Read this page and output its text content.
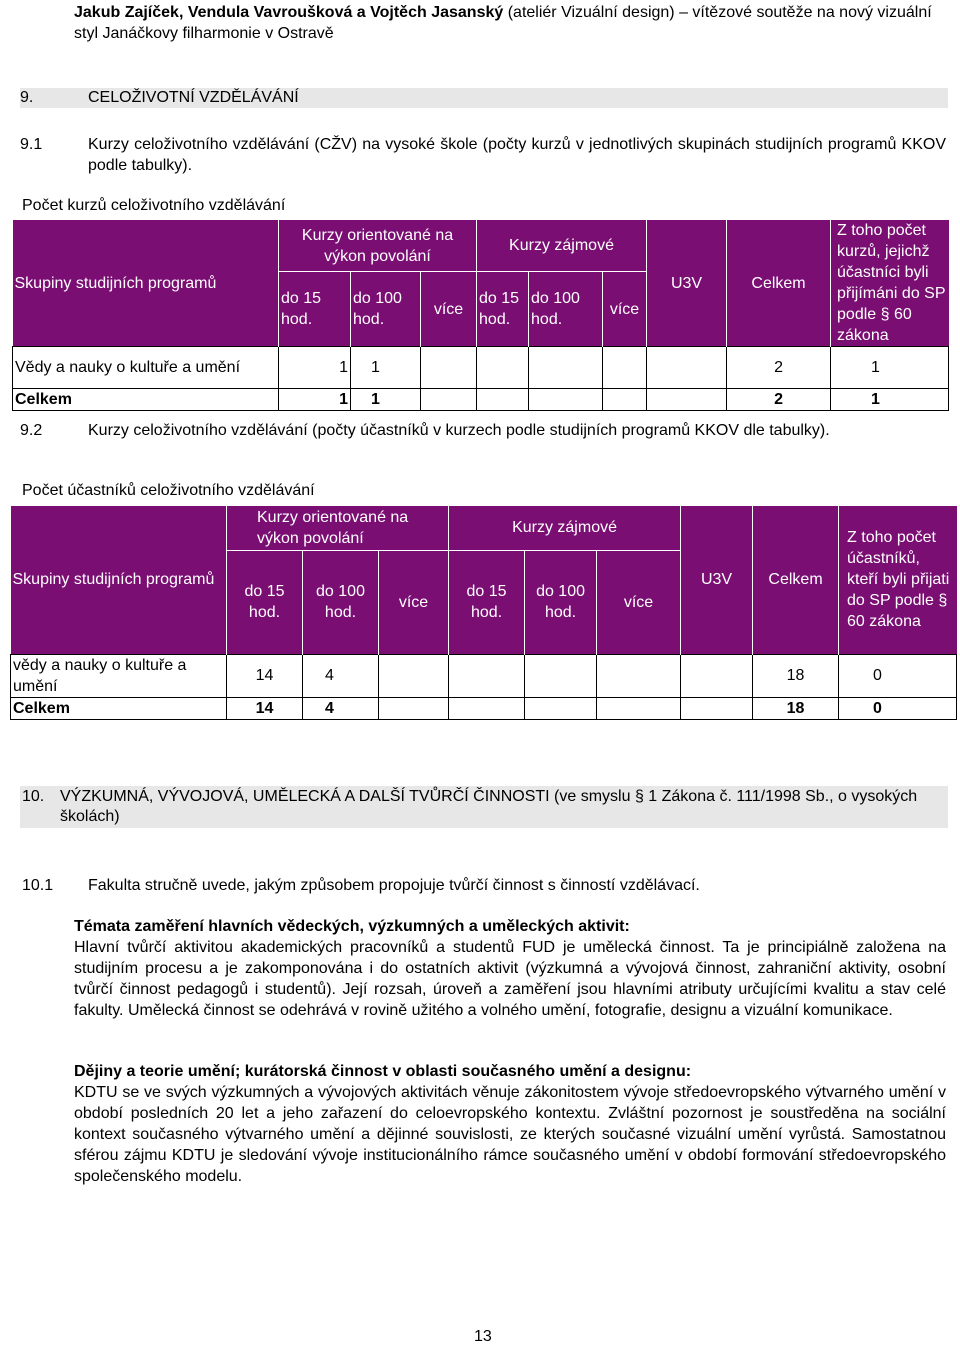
Jakub Zajíček, Vendula Vavroušková a Vojtěch Jasanský (ateliér Vizuální design) – vítězové soutěže na nový vizuální styl Janáčkovy filharmonie v Ostravě
9.	CELOŽIVOTNÍ VZDĚLÁVÁNÍ
9.1	Kurzy celoživotního vzdělávání (CŽV) na vysoké škole (počty kurzů v jednotlivých skupinách studijních programů KKOV podle tabulky).
Počet kurzů celoživotního vzdělávání
Skupiny studijních programů	Kurzy orientované na výkon povolání			Kurzy zájmové			U3V	Celkem	Z toho počet kurzů, jejichž účastníci byli přijímáni do SP podle § 60 zákona
	do 15 hod.	do 100 hod.	více	do 15 hod.	do 100 hod.	více			
Vědy a nauky o kultuře a umění	1	1						2	1
Celkem	1	1						2	1
9.2	Kurzy celoživotního vzdělávání (počty účastníků v kurzech podle studijních programů KKOV dle tabulky).
Počet účastníků celoživotního vzdělávání
Skupiny studijních programů	Kurzy orientované na výkon povolání			Kurzy zájmové			U3V	Celkem	Z toho počet účastníků, kteří byli přijati do SP podle § 60 zákona
	do 15 hod.	do 100 hod.	více	do 15 hod.	do 100 hod.	více			
vědy a nauky o kultuře a umění	14	4						18	0
Celkem	14	4						18	0
10. VÝZKUMNÁ, VÝVOJOVÁ, UMĚLECKÁ A DALŠÍ TVŮRČÍ ČINNOSTI (ve smyslu § 1 Zákona č. 111/1998 Sb., o vysokých školách)
10.1 Fakulta stručně uvede, jakým způsobem propojuje tvůrčí činnost s činností vzdělávací.
Témata zaměření hlavních vědeckých, výzkumných a uměleckých aktivit:
Hlavní tvůrčí aktivitou akademických pracovníků a studentů FUD je umělecká činnost. Ta je principiálně založena na studijním procesu a je zakomponována i do ostatních aktivit (výzkumná a vývojová činnost, zahraniční aktivity, osobní tvůrčí činnost pedagogů i studentů). Její rozsah, úroveň a zaměření jsou hlavními atributy určujícími kvalitu a stav celé fakulty. Umělecká činnost se odehrává v rovině užitého a volného umění, fotografie, designu a vizuální komunikace.
Dějiny a teorie umění; kurátorská činnost v oblasti současného umění a designu:
KDTU se ve svých výzkumných a vývojových aktivitách věnuje zákonitostem vývoje středoevropského výtvarného umění v období posledních 20 let a jeho zařazení do celoevropského kontextu. Zvláštní pozornost je soustředěna na sociální kontext současného výtvarného umění a dějinné souvislosti, ze kterých současné vizuální umění vyrůstá. Samostatnou sférou zájmu KDTU je sledování vývoje institucionálního rámce současného umění v období formování středoevropského společenského modelu.
13
